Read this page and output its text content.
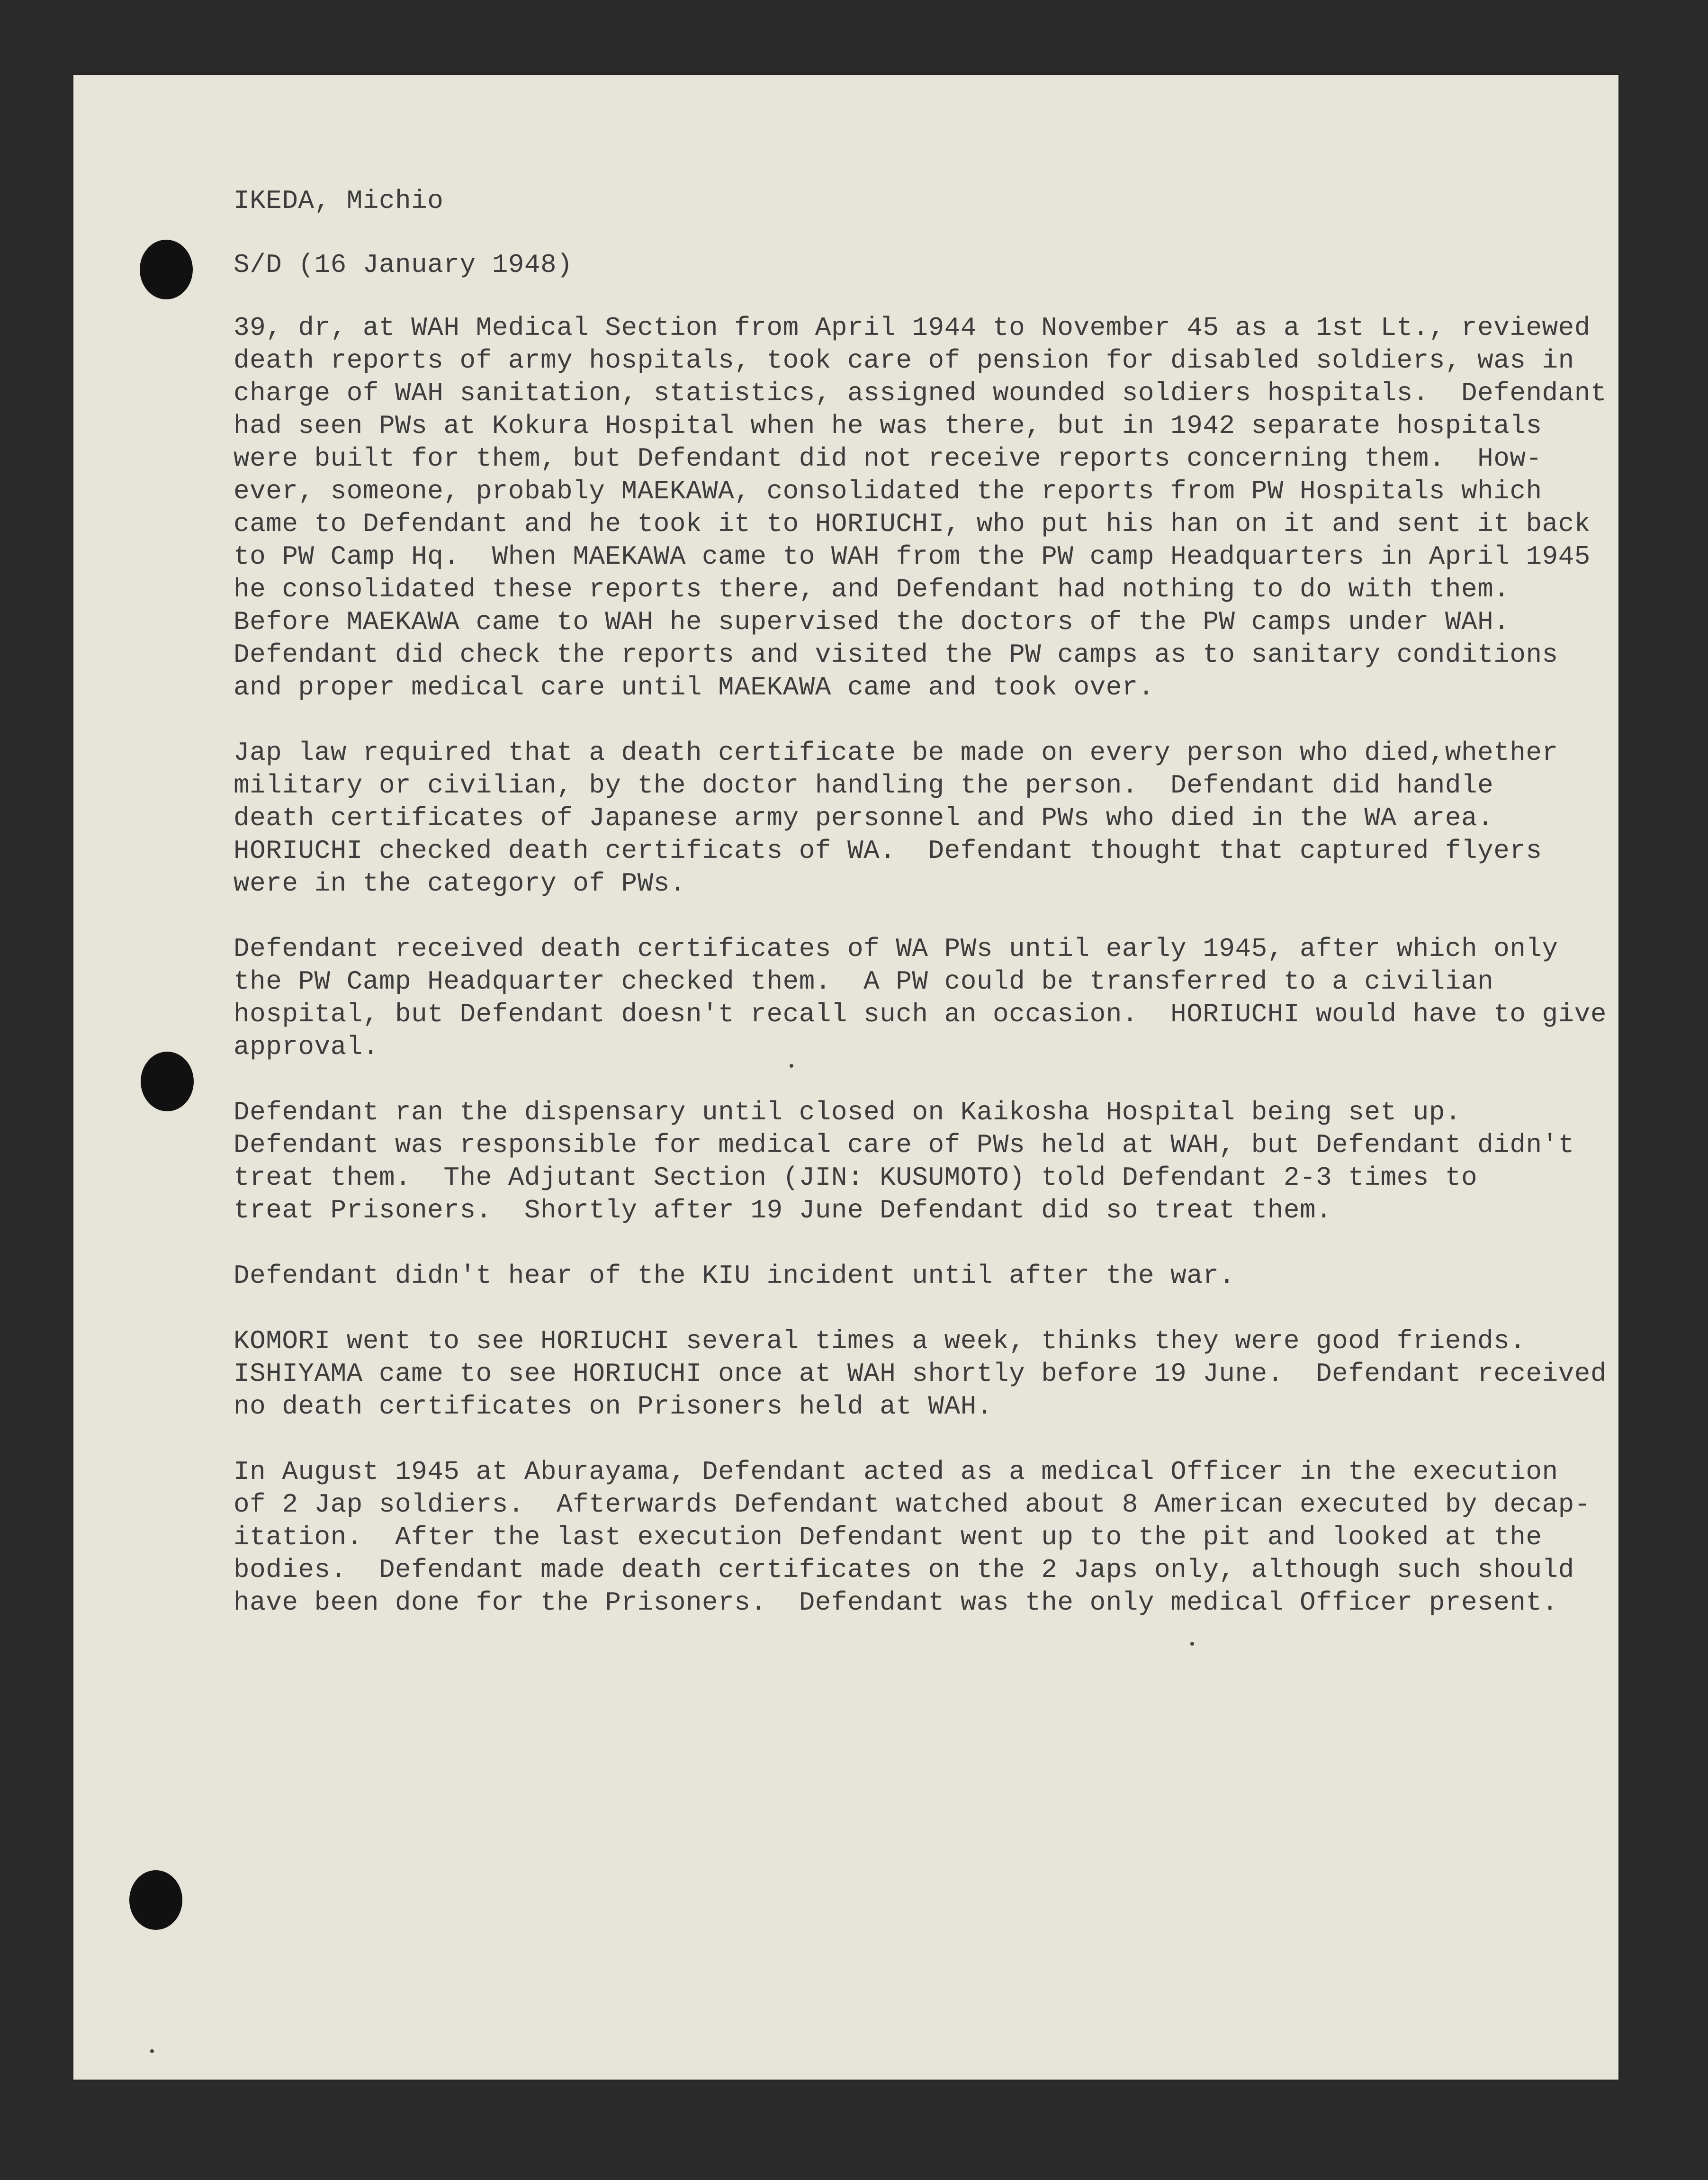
IKEDA, Michio
S/D (16 January 1948)
39, dr, at WAH Medical Section from April 1944 to November 45 as a 1st Lt., reviewed
death reports of army hospitals, took care of pension for disabled soldiers, was in
charge of WAH sanitation, statistics, assigned wounded soldiers hospitals.  Defendant
had seen PWs at Kokura Hospital when he was there, but in 1942 separate hospitals
were built for them, but Defendant did not receive reports concerning them.  How-
ever, someone, probably MAEKAWA, consolidated the reports from PW Hospitals which
came to Defendant and he took it to HORIUCHI, who put his han on it and sent it back
to PW Camp Hq.  When MAEKAWA came to WAH from the PW camp Headquarters in April 1945
he consolidated these reports there, and Defendant had nothing to do with them.
Before MAEKAWA came to WAH he supervised the doctors of the PW camps under WAH.
Defendant did check the reports and visited the PW camps as to sanitary conditions
and proper medical care until MAEKAWA came and took over.
Jap law required that a death certificate be made on every person who died,whether
military or civilian, by the doctor handling the person.  Defendant did handle
death certificates of Japanese army personnel and PWs who died in the WA area.
HORIUCHI checked death certificats of WA.  Defendant thought that captured flyers
were in the category of PWs.
Defendant received death certificates of WA PWs until early 1945, after which only
the PW Camp Headquarter checked them.  A PW could be transferred to a civilian
hospital, but Defendant doesn't recall such an occasion.  HORIUCHI would have to give
approval.
Defendant ran the dispensary until closed on Kaikosha Hospital being set up.
Defendant was responsible for medical care of PWs held at WAH, but Defendant didn't
treat them.  The Adjutant Section (JIN: KUSUMOTO) told Defendant 2-3 times to
treat Prisoners.  Shortly after 19 June Defendant did so treat them.
Defendant didn't hear of the KIU incident until after the war.
KOMORI went to see HORIUCHI several times a week, thinks they were good friends.
ISHIYAMA came to see HORIUCHI once at WAH shortly before 19 June.  Defendant received
no death certificates on Prisoners held at WAH.
In August 1945 at Aburayama, Defendant acted as a medical Officer in the execution
of 2 Jap soldiers.  Afterwards Defendant watched about 8 American executed by decap-
itation.  After the last execution Defendant went up to the pit and looked at the
bodies.  Defendant made death certificates on the 2 Japs only, although such should
have been done for the Prisoners.  Defendant was the only medical Officer present.
